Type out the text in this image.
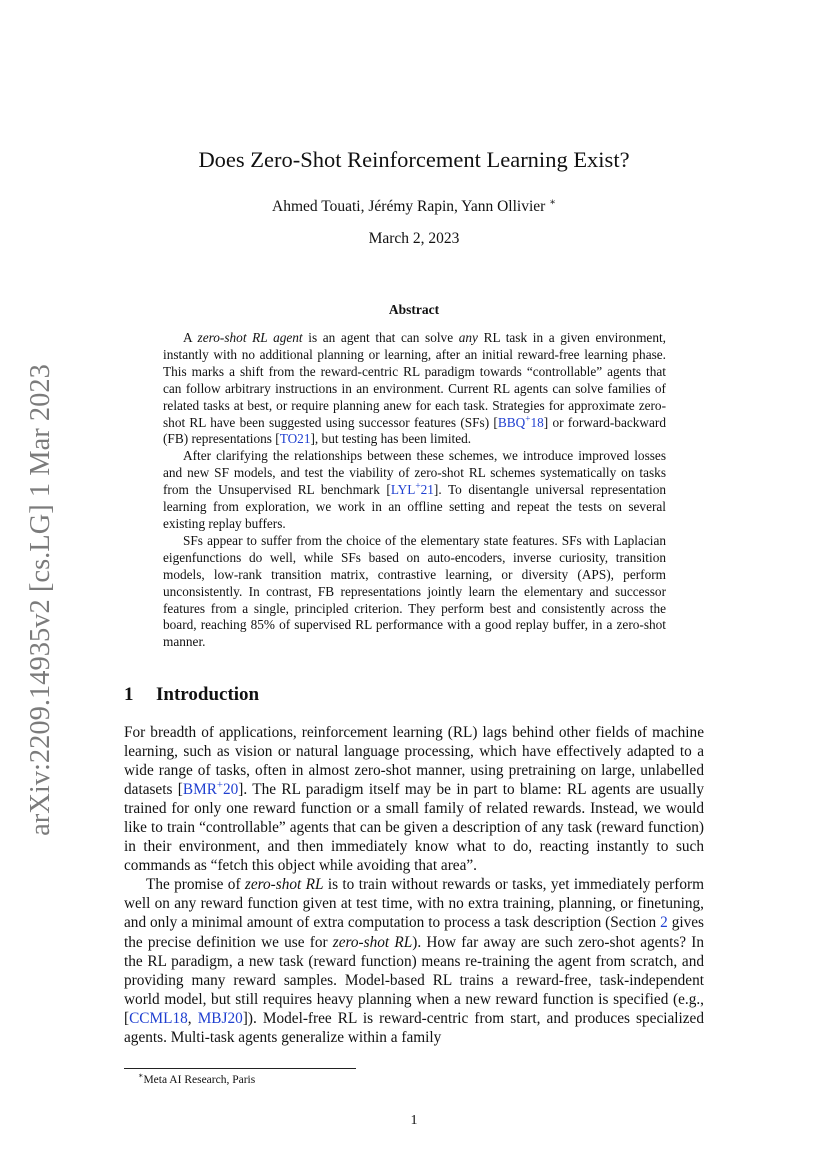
arXiv:2209.14935v2 [cs.LG] 1 Mar 2023
Does Zero-Shot Reinforcement Learning Exist?
Ahmed Touati, Jérémy Rapin, Yann Ollivier ∗
March 2, 2023
Abstract

A zero-shot RL agent is an agent that can solve any RL task in a given environment, instantly with no additional planning or learning, after an initial reward-free learning phase. This marks a shift from the reward-centric RL paradigm towards “controllable” agents that can follow arbitrary instructions in an environment. Current RL agents can solve families of related tasks at best, or require planning anew for each task. Strategies for approximate zero-shot RL have been suggested using successor features (SFs) [BBQ+18] or forward-backward (FB) representations [TO21], but testing has been limited.

After clarifying the relationships between these schemes, we introduce improved losses and new SF models, and test the viability of zero-shot RL schemes systematically on tasks from the Unsupervised RL benchmark [LYL+21]. To disentangle universal representation learning from exploration, we work in an offline setting and repeat the tests on several existing replay buffers.

SFs appear to suffer from the choice of the elementary state features. SFs with Laplacian eigenfunctions do well, while SFs based on auto-encoders, inverse curiosity, transition models, low-rank transition matrix, contrastive learning, or diversity (APS), perform unconsistently. In contrast, FB representations jointly learn the elementary and successor features from a single, principled criterion. They perform best and consistently across the board, reaching 85% of supervised RL performance with a good replay buffer, in a zero-shot manner.

1 Introduction

For breadth of applications, reinforcement learning (RL) lags behind other fields of machine learning, such as vision or natural language processing, which have effectively adapted to a wide range of tasks, often in almost zero-shot manner, using pretraining on large, unlabelled datasets [BMR+20]. The RL paradigm itself may be in part to blame: RL agents are usually trained for only one reward function or a small family of related rewards. Instead, we would like to train “controllable” agents that can be given a description of any task (reward function) in their environment, and then immediately know what to do, reacting instantly to such commands as “fetch this object while avoiding that area”.

The promise of zero-shot RL is to train without rewards or tasks, yet immediately perform well on any reward function given at test time, with no extra training, planning, or finetuning, and only a minimal amount of extra computation to process a task description (Section 2 gives the precise definition we use for zero-shot RL). How far away are such zero-shot agents? In the RL paradigm, a new task (reward function) means re-training the agent from scratch, and providing many reward samples. Model-based RL trains a reward-free, task-independent world model, but still requires heavy planning when a new reward function is specified (e.g., [CCML18, MBJ20]). Model-free RL is reward-centric from start, and produces specialized agents. Multi-task agents generalize within a family

∗Meta AI Research, Paris
1
